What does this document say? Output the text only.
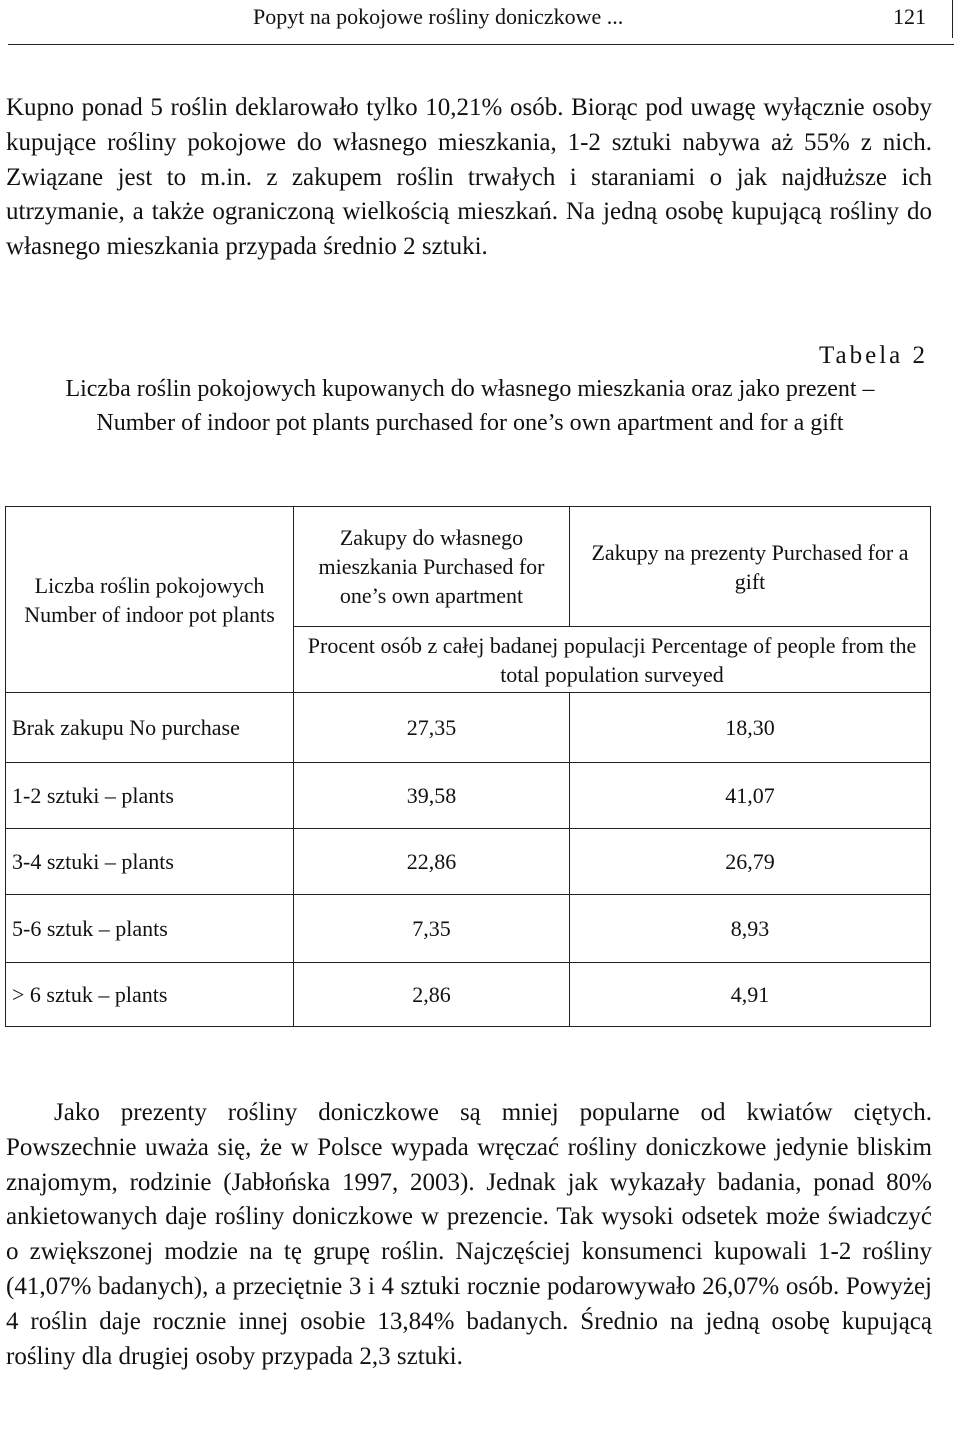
Popyt na pokojowe rośliny doniczkowe ...	121

Kupno ponad 5 roślin deklarowało tylko 10,21% osób. Biorąc pod uwagę wyłącznie osoby kupujące rośliny pokojowe do własnego mieszkania, 1-2 sztuki nabywa aż 55% z nich. Związane jest to m.in. z zakupem roślin trwałych i staraniami o jak najdłuższe ich utrzymanie, a także ograniczoną wielkością mieszkań. Na jedną osobę kupującą rośliny do własnego mieszkania przypada średnio 2 sztuki.

Tabela 2
Liczba roślin pokojowych kupowanych do własnego mieszkania oraz jako prezent – Number of indoor pot plants purchased for one’s own apartment and for a gift
Liczba roślin pokojowych Number of indoor pot plants	Zakupy do własnego mieszkania Purchased for one’s own apartment	Zakupy na prezenty Purchased for a gift
	Procent osób z całej badanej populacji Percentage of people from the total population surveyed	
Brak zakupu No purchase	27,35	18,30
1-2 sztuki – plants	39,58	41,07
3-4 sztuki – plants	22,86	26,79
5-6 sztuk – plants	7,35	8,93
> 6 sztuk – plants	2,86	4,91

Jako prezenty rośliny doniczkowe są mniej popularne od kwiatów ciętych. Powszechnie uważa się, że w Polsce wypada wręczać rośliny doniczkowe jedynie bliskim znajomym, rodzinie (Jabłońska 1997, 2003). Jednak jak wykazały badania, ponad 80% ankietowanych daje rośliny doniczkowe w prezencie. Tak wysoki odsetek może świadczyć o zwiększonej modzie na tę grupę roślin. Najczęściej konsumenci kupowali 1-2 rośliny (41,07% badanych), a przeciętnie 3 i 4 sztuki rocznie podarowywało 26,07% osób. Powyżej 4 roślin daje rocznie innej osobie 13,84% badanych. Średnio na jedną osobę kupującą rośliny dla drugiej osoby przypada 2,3 sztuki.
